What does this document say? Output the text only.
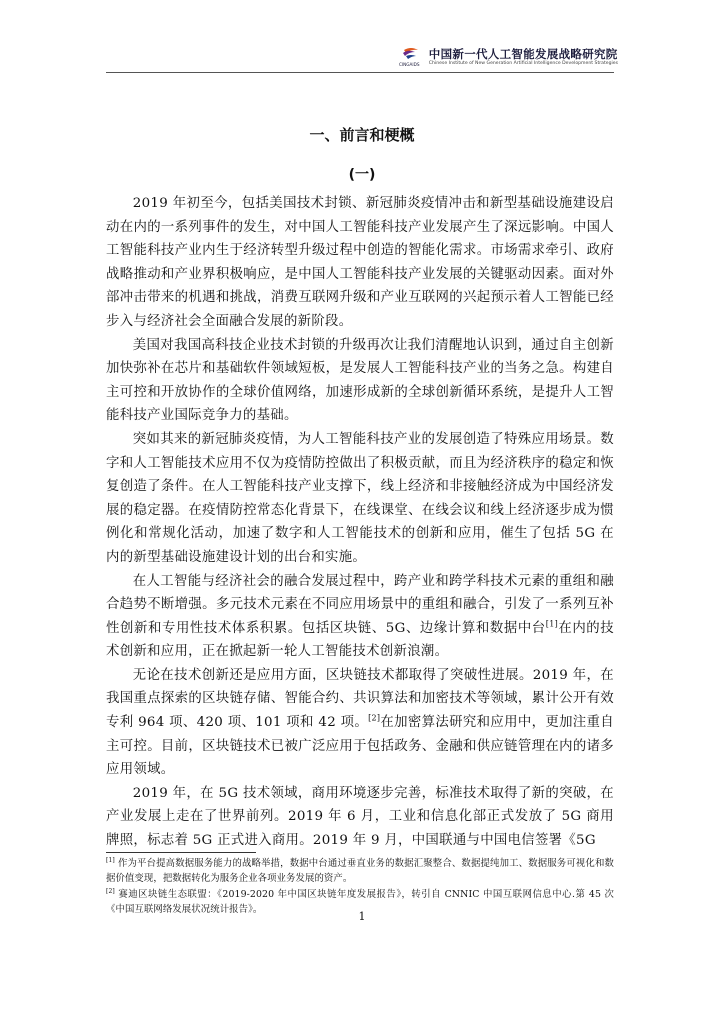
CINGAIDS
中国新一代人工智能发展战略研究院
Chinese Institute of New Generation Artificial Intelligence Development Strategies
一、前言和梗概
(一)

2019 年初至今，包括美国技术封锁、新冠肺炎疫情冲击和新型基础设施建设启动在内的一系列事件的发生，对中国人工智能科技产业发展产生了深远影响。中国人工智能科技产业内生于经济转型升级过程中创造的智能化需求。市场需求牵引、政府战略推动和产业界积极响应，是中国人工智能科技产业发展的关键驱动因素。面对外部冲击带来的机遇和挑战，消费互联网升级和产业互联网的兴起预示着人工智能已经步入与经济社会全面融合发展的新阶段。

美国对我国高科技企业技术封锁的升级再次让我们清醒地认识到，通过自主创新加快弥补在芯片和基础软件领域短板，是发展人工智能科技产业的当务之急。构建自主可控和开放协作的全球价值网络，加速形成新的全球创新循环系统，是提升人工智能科技产业国际竞争力的基础。

突如其来的新冠肺炎疫情，为人工智能科技产业的发展创造了特殊应用场景。数字和人工智能技术应用不仅为疫情防控做出了积极贡献，而且为经济秩序的稳定和恢复创造了条件。在人工智能科技产业支撑下，线上经济和非接触经济成为中国经济发展的稳定器。在疫情防控常态化背景下，在线课堂、在线会议和线上经济逐步成为惯例化和常规化活动，加速了数字和人工智能技术的创新和应用，催生了包括 5G 在内的新型基础设施建设计划的出台和实施。

在人工智能与经济社会的融合发展过程中，跨产业和跨学科技术元素的重组和融合趋势不断增强。多元技术元素在不同应用场景中的重组和融合，引发了一系列互补性创新和专用性技术体系积累。包括区块链、5G、边缘计算和数据中台[1]在内的技术创新和应用，正在掀起新一轮人工智能技术创新浪潮。

无论在技术创新还是应用方面，区块链技术都取得了突破性进展。2019 年，在我国重点探索的区块链存储、智能合约、共识算法和加密技术等领域，累计公开有效专利 964 项、420 项、101 项和 42 项。[2]在加密算法研究和应用中，更加注重自主可控。目前，区块链技术已被广泛应用于包括政务、金融和供应链管理在内的诸多应用领域。

2019 年，在 5G 技术领域，商用环境逐步完善，标准技术取得了新的突破，在产业发展上走在了世界前列。2019 年 6 月，工业和信息化部正式发放了 5G 商用牌照，标志着 5G 正式进入商用。2019 年 9 月，中国联通与中国电信签署《5G

[1] 作为平台提高数据服务能力的战略举措，数据中台通过垂直业务的数据汇聚整合、数据提纯加工、数据服务可视化和数据价值变现，把数据转化为服务企业各项业务发展的资产。

[2] 赛迪区块链生态联盟：《2019-2020 年中国区块链年度发展报告》，转引自 CNNIC 中国互联网信息中心.第 45 次《中国互联网络发展状况统计报告》。

1
